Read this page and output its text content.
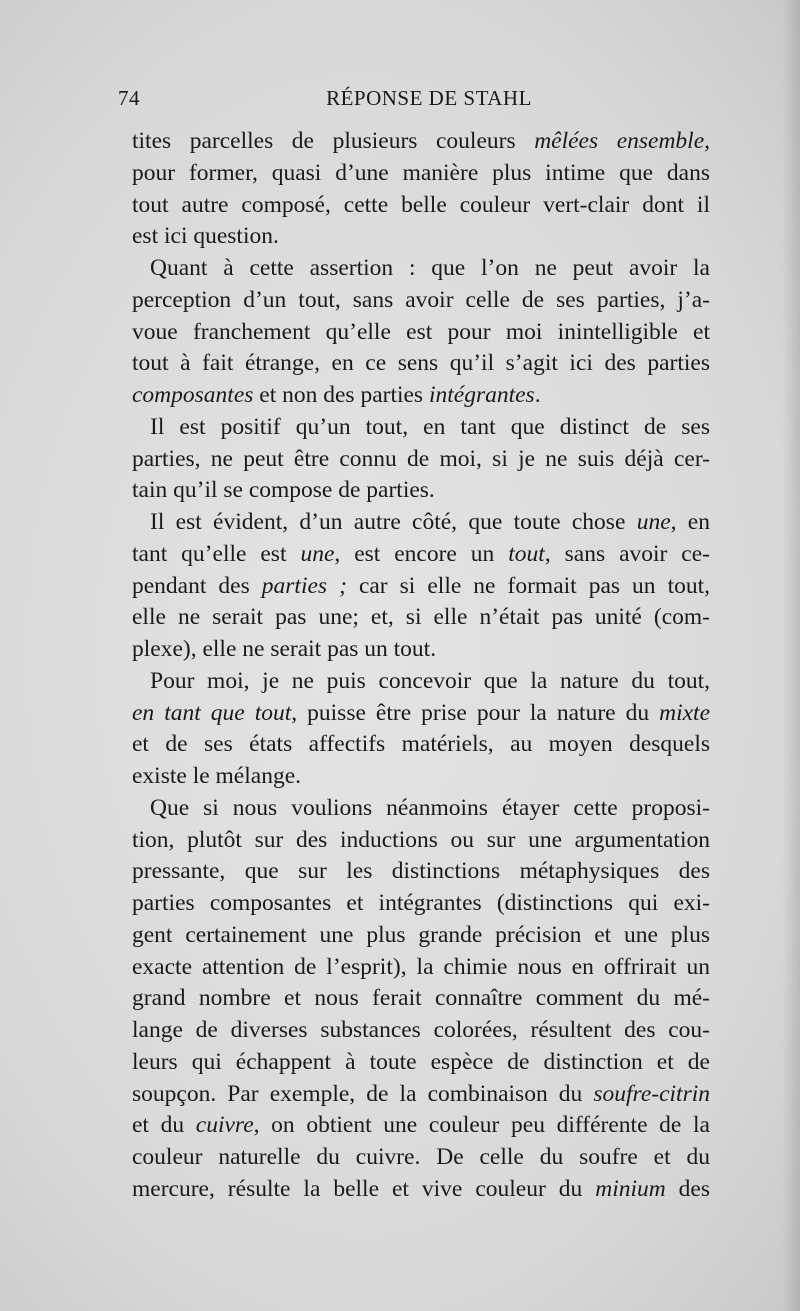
74	RÉPONSE DE STAHL
tites parcelles de plusieurs couleurs mêlées ensemble,
pour former, quasi d’une manière plus intime que dans
tout autre composé, cette belle couleur vert-clair dont il
est ici question.
Quant à cette assertion : que l’on ne peut avoir la
perception d’un tout, sans avoir celle de ses parties, j’a-
voue franchement qu’elle est pour moi inintelligible et
tout à fait étrange, en ce sens qu’il s’agit ici des parties
composantes et non des parties intégrantes.
Il est positif qu’un tout, en tant que distinct de ses
parties, ne peut être connu de moi, si je ne suis déjà cer-
tain qu’il se compose de parties.
Il est évident, d’un autre côté, que toute chose une, en
tant qu’elle est une, est encore un tout, sans avoir ce-
pendant des parties ; car si elle ne formait pas un tout,
elle ne serait pas une; et, si elle n’était pas unité (com-
plexe), elle ne serait pas un tout.
Pour moi, je ne puis concevoir que la nature du tout,
en tant que tout, puisse être prise pour la nature du mixte
et de ses états affectifs matériels, au moyen desquels
existe le mélange.
Que si nous voulions néanmoins étayer cette proposi-
tion, plutôt sur des inductions ou sur une argumentation
pressante, que sur les distinctions métaphysiques des
parties composantes et intégrantes (distinctions qui exi-
gent certainement une plus grande précision et une plus
exacte attention de l’esprit), la chimie nous en offrirait un
grand nombre et nous ferait connaître comment du mé-
lange de diverses substances colorées, résultent des cou-
leurs qui échappent à toute espèce de distinction et de
soupçon. Par exemple, de la combinaison du soufre-citrin
et du cuivre, on obtient une couleur peu différente de la
couleur naturelle du cuivre. De celle du soufre et du
mercure, résulte la belle et vive couleur du minium des
